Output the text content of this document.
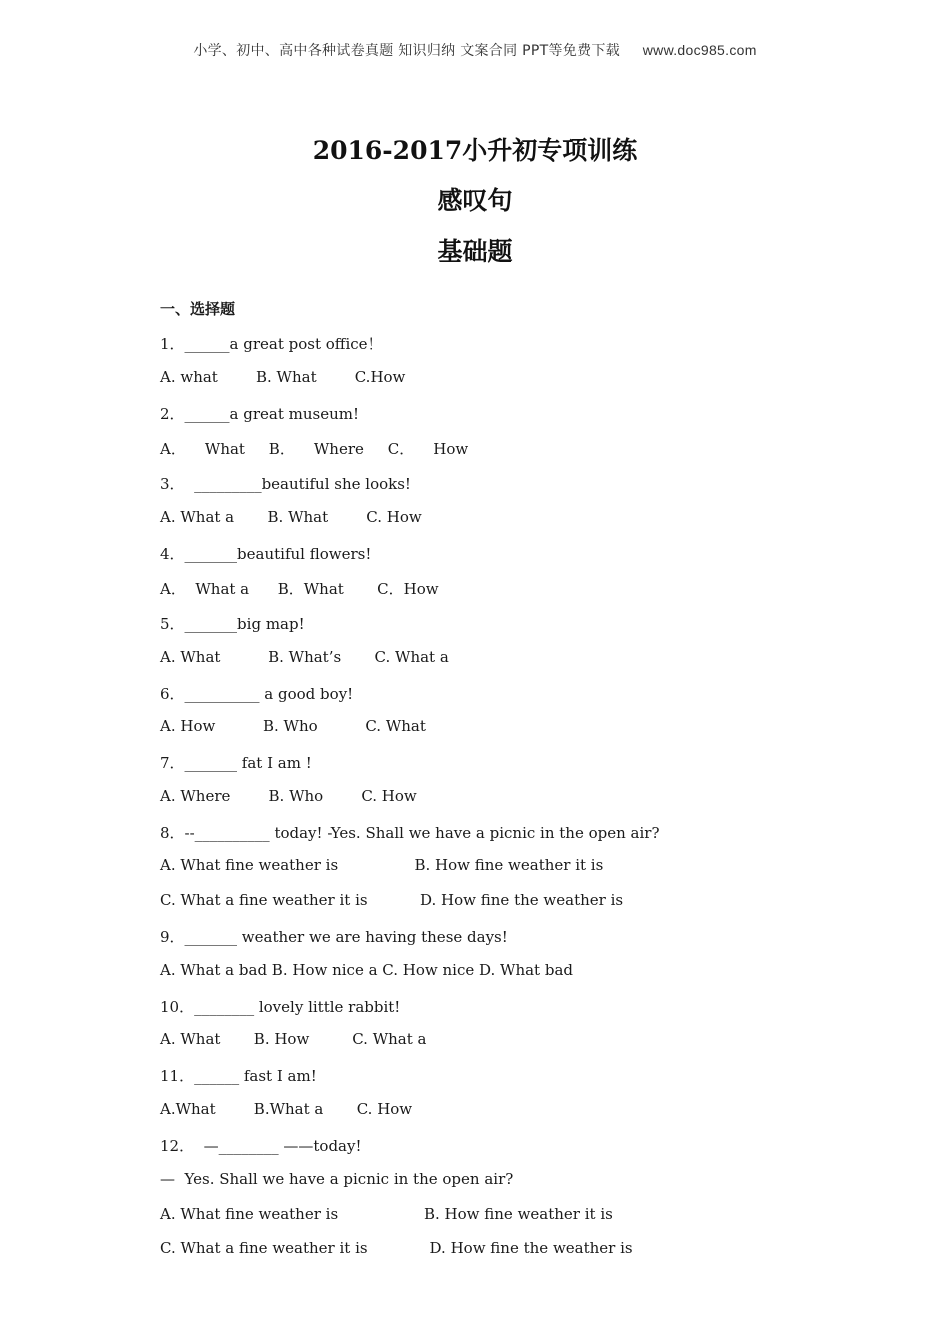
小学、初中、高中各种试卷真题 知识归纳 文案合同 PPT等免费下载 www.doc985.com
2016-2017小升初专项训练
感叹句
基础题
一、选择题
1．______a great post office！
A. what        B. What        C.How
2．______a great museum!
A．    What     B．    Where     C．    How
3．  _________beautiful she looks!
A. What a       B. What        C. How
4．_______beautiful flowers!
A．  What a      B．What       C．How
5．_______big map!
A. What          B. What’s       C. What a
6．__________ a good boy!
A. How          B. Who          C. What
7．_______ fat I am !
A. Where        B. Who        C. How
8．--__________ today! -Yes. Shall we have a picnic in the open air?
A. What fine weather is                B. How fine weather it is
C. What a fine weather it is           D. How fine the weather is
9．_______ weather we are having these days!
A. What a bad B. How nice a C. How nice D. What bad
10．________ lovely little rabbit!
A. What       B. How         C. What a
11．______ fast I am!
A.What        B.What a       C. How
12．  —________ ——today!
—  Yes. Shall we have a picnic in the open air?
A. What fine weather is                  B. How fine weather it is
C. What a fine weather it is             D. How fine the weather is
